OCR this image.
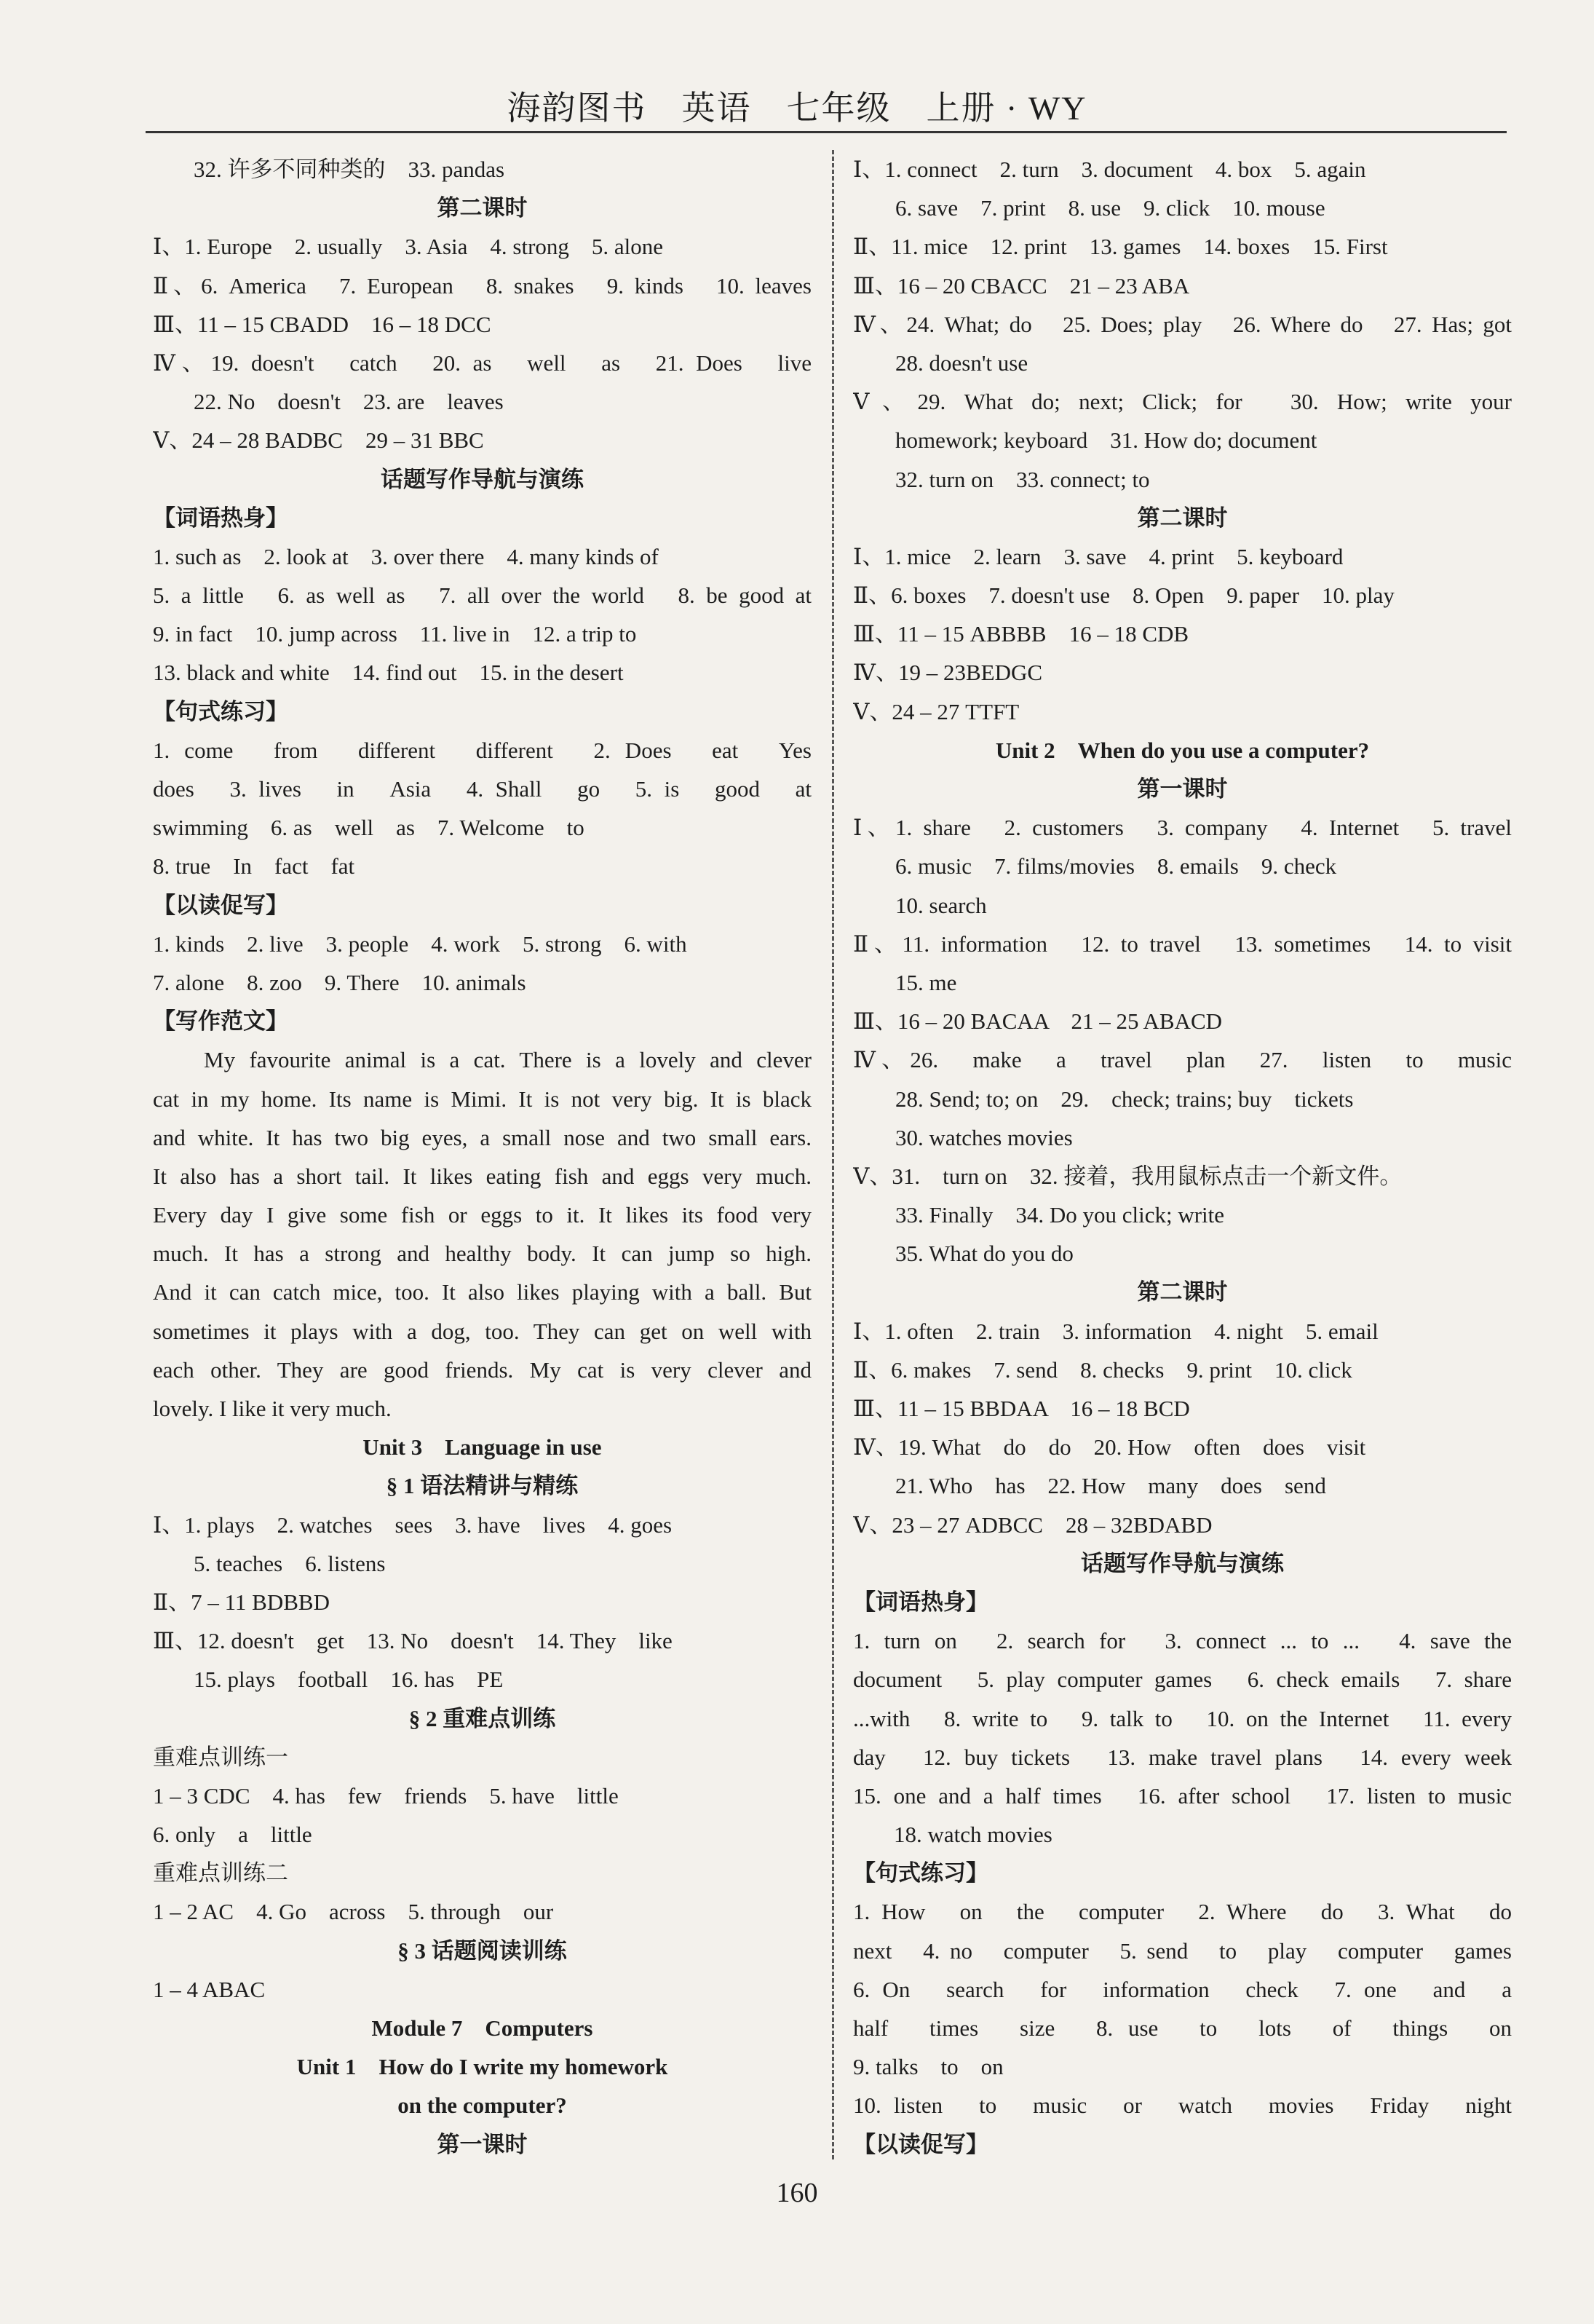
海韵图书　英语　七年级　上册 · WY
32. 许多不同种类的　33. pandas
第二课时
Ⅰ、1. Europe　2. usually　3. Asia　4. strong　5. alone
Ⅱ、6. America　7. European　8. snakes　9. kinds　10. leaves
Ⅲ、11 – 15 CBADD　16 – 18 DCC
Ⅳ、19. doesn't　catch　20. as　well　as　21. Does　live
22. No　doesn't　23. are　leaves
Ⅴ、24 – 28 BADBC　29 – 31 BBC
话题写作导航与演练
【词语热身】
1. such as　2. look at　3. over there　4. many kinds of
5. a little　6. as well as　7. all over the world　8. be good at
9. in fact　10. jump across　11. live in　12. a trip to
13. black and white　14. find out　15. in the desert
【句式练习】
1. come　from　different　different　2. Does　eat　Yes
does　3. lives　in　Asia　4. Shall　go　5. is　good　at
swimming　6. as　well　as　7. Welcome　to
8. true　In　fact　fat
【以读促写】
1. kinds　2. live　3. people　4. work　5. strong　6. with
7. alone　8. zoo　9. There　10. animals
【写作范文】
My favourite animal is a cat. There is a lovely and clever
cat in my home. Its name is Mimi. It is not very big. It is black
and white. It has two big eyes, a small nose and two small ears.
It also has a short tail. It likes eating fish and eggs very much.
Every day I give some fish or eggs to it. It likes its food very
much. It has a strong and healthy body. It can jump so high.
And it can catch mice, too. It also likes playing with a ball. But
sometimes it plays with a dog, too. They can get on well with
each other. They are good friends. My cat is very clever and
lovely. I like it very much.
Unit 3　Language in use
§ 1 语法精讲与精练
Ⅰ、1. plays　2. watches　sees　3. have　lives　4. goes
5. teaches　6. listens
Ⅱ、7 – 11 BDBBD
Ⅲ、12. doesn't　get　13. No　doesn't　14. They　like
15. plays　football　16. has　PE
§ 2 重难点训练
重难点训练一
1 – 3 CDC　4. has　few　friends　5. have　little
6. only　a　little
重难点训练二
1 – 2 AC　4. Go　across　5. through　our
§ 3 话题阅读训练
1 – 4 ABAC
Module 7　Computers
Unit 1　How do I write my homework
on the computer?
第一课时
Ⅰ、1. connect　2. turn　3. document　4. box　5. again
6. save　7. print　8. use　9. click　10. mouse
Ⅱ、11. mice　12. print　13. games　14. boxes　15. First
Ⅲ、16 – 20 CBACC　21 – 23 ABA
Ⅳ、24. What; do　25. Does; play　26. Where do　27. Has; got
28. doesn't use
Ⅴ、29. What do; next; Click; for　30. How; write your
homework; keyboard　31. How do; document
32. turn on　33. connect; to
第二课时
Ⅰ、1. mice　2. learn　3. save　4. print　5. keyboard
Ⅱ、6. boxes　7. doesn't use　8. Open　9. paper　10. play
Ⅲ、11 – 15 ABBBB　16 – 18 CDB
Ⅳ、19 – 23BEDGC
Ⅴ、24 – 27 TTFT
Unit 2　When do you use a computer?
第一课时
Ⅰ、1. share　2. customers　3. company　4. Internet　5. travel
6. music　7. films/movies　8. emails　9. check
10. search
Ⅱ、11. information　12. to travel　13. sometimes　14. to visit
15. me
Ⅲ、16 – 20 BACAA　21 – 25 ABACD
Ⅳ、26.　make　a　travel　plan　27.　listen　to　music
28. Send; to; on　29.　check; trains; buy　tickets
30. watches movies
Ⅴ、31.　turn on　32. 接着，我用鼠标点击一个新文件。
33. Finally　34. Do you click; write
35. What do you do
第二课时
Ⅰ、1. often　2. train　3. information　4. night　5. email
Ⅱ、6. makes　7. send　8. checks　9. print　10. click
Ⅲ、11 – 15 BBDAA　16 – 18 BCD
Ⅳ、19. What　do　do　20. How　often　does　visit
21. Who　has　22. How　many　does　send
Ⅴ、23 – 27 ADBCC　28 – 32BDABD
话题写作导航与演练
【词语热身】
1. turn on　2. search for　3. connect ... to ...　4. save the
document　5. play computer games　6. check emails　7. share
...with　8. write to　9. talk to　10. on the Internet　11. every
day　12. buy tickets　13. make travel plans　14. every week
15. one and a half times　16. after school　17. listen to music
18. watch movies
【句式练习】
1. How　on　the　computer　2. Where　do　3. What　do
next　4. no　computer　5. send　to　play　computer　games
6. On　search　for　information　check　7. one　and　a
half　times　size　8. use　to　lots　of　things　on
9. talks　to　on
10. listen　to　music　or　watch　movies　Friday　night
【以读促写】
160
